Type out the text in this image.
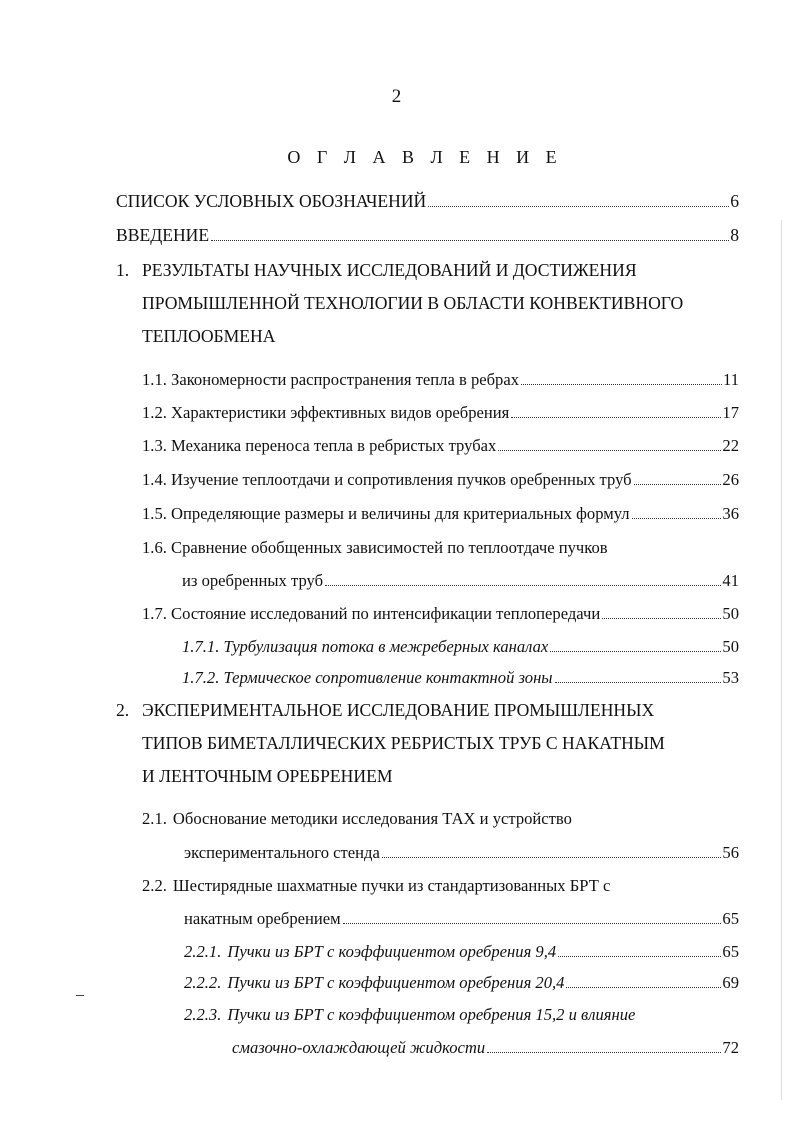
2
О Г Л А В Л Е Н И Е
СПИСОК УСЛОВНЫХ ОБОЗНАЧЕНИЙ	6
ВВЕДЕНИЕ	8
1. РЕЗУЛЬТАТЫ НАУЧНЫХ ИССЛЕДОВАНИЙ И ДОСТИЖЕНИЯ
ПРОМЫШЛЕННОЙ ТЕХНОЛОГИИ В ОБЛАСТИ КОНВЕКТИВНОГО
ТЕПЛООБМЕНА
1.1. Закономерности распространения тепла в ребрах	11
1.2. Характеристики эффективных видов оребрения	17
1.3. Механика переноса тепла в ребристых трубах	22
1.4. Изучение теплоотдачи и сопротивления пучков оребренных труб	26
1.5. Определяющие размеры и величины для критериальных формул	36
1.6. Сравнение обобщенных зависимостей по теплоотдаче пучков
из оребренных труб	41
1.7. Состояние исследований по интенсификации теплопередачи	50
1.7.1. Турбулизация потока в межреберных каналах	50
1.7.2. Термическое сопротивление контактной зоны	53
2. ЭКСПЕРИМЕНТАЛЬНОЕ ИССЛЕДОВАНИЕ ПРОМЫШЛЕННЫХ
ТИПОВ БИМЕТАЛЛИЧЕСКИХ РЕБРИСТЫХ ТРУБ С НАКАТНЫМ
И ЛЕНТОЧНЫМ ОРЕБРЕНИЕМ
2.1. Обоснование методики исследования ТАХ и устройство
экспериментального стенда	56
2.2. Шестирядные шахматные пучки из стандартизованных БРТ с
накатным оребрением	65
2.2.1. Пучки из БРТ с коэффициентом оребрения 9,4	65
2.2.2. Пучки из БРТ с коэффициентом оребрения 20,4	69
2.2.3. Пучки из БРТ с коэффициентом оребрения 15,2 и влияние
смазочно-охлаждающей жидкости	72
